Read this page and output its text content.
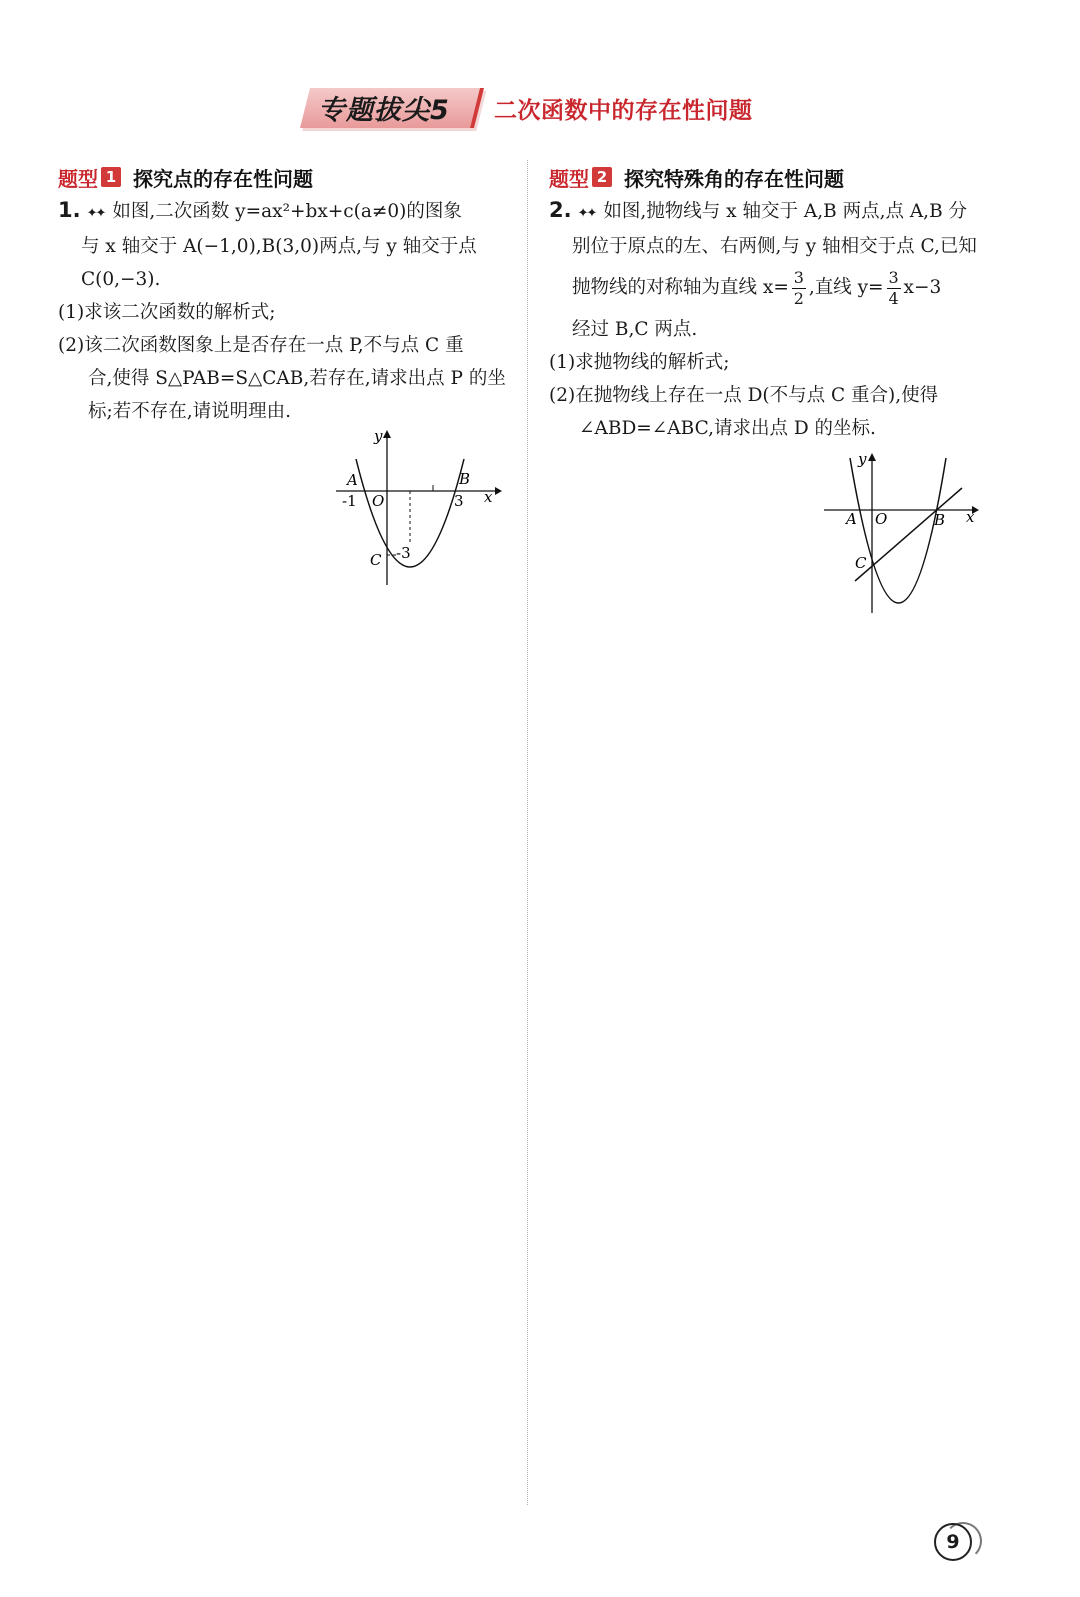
专题拔尖5 二次函数中的存在性问题
题型 1 探究点的存在性问题
1. ✦✦ 如图,二次函数 y=ax²+bx+c(a≠0)的图象
与 x 轴交于 A(−1,0),B(3,0)两点,与 y 轴交于点
C(0,−3).
(1)求该二次函数的解析式;
(2)该二次函数图象上是否存在一点 P,不与点 C 重
合,使得 S△PAB=S△CAB,若存在,请求出点 P 的坐
标;若不存在,请说明理由.
y
x
A	B
O
-1	3
C -3
题型 2 探究特殊角的存在性问题
2. ✦✦ 如图,抛物线与 x 轴交于 A,B 两点,点 A,B 分
别位于原点的左、右两侧,与 y 轴相交于点 C,已知
抛物线的对称轴为直线 x= 3
2 ,直线 y= 3
4 x−3
经过 B,C 两点.
(1)求抛物线的解析式;
(2)在抛物线上存在一点 D(不与点 C 重合),使得
∠ABD=∠ABC,请求出点 D 的坐标.
y
x
A O	B
C
9
